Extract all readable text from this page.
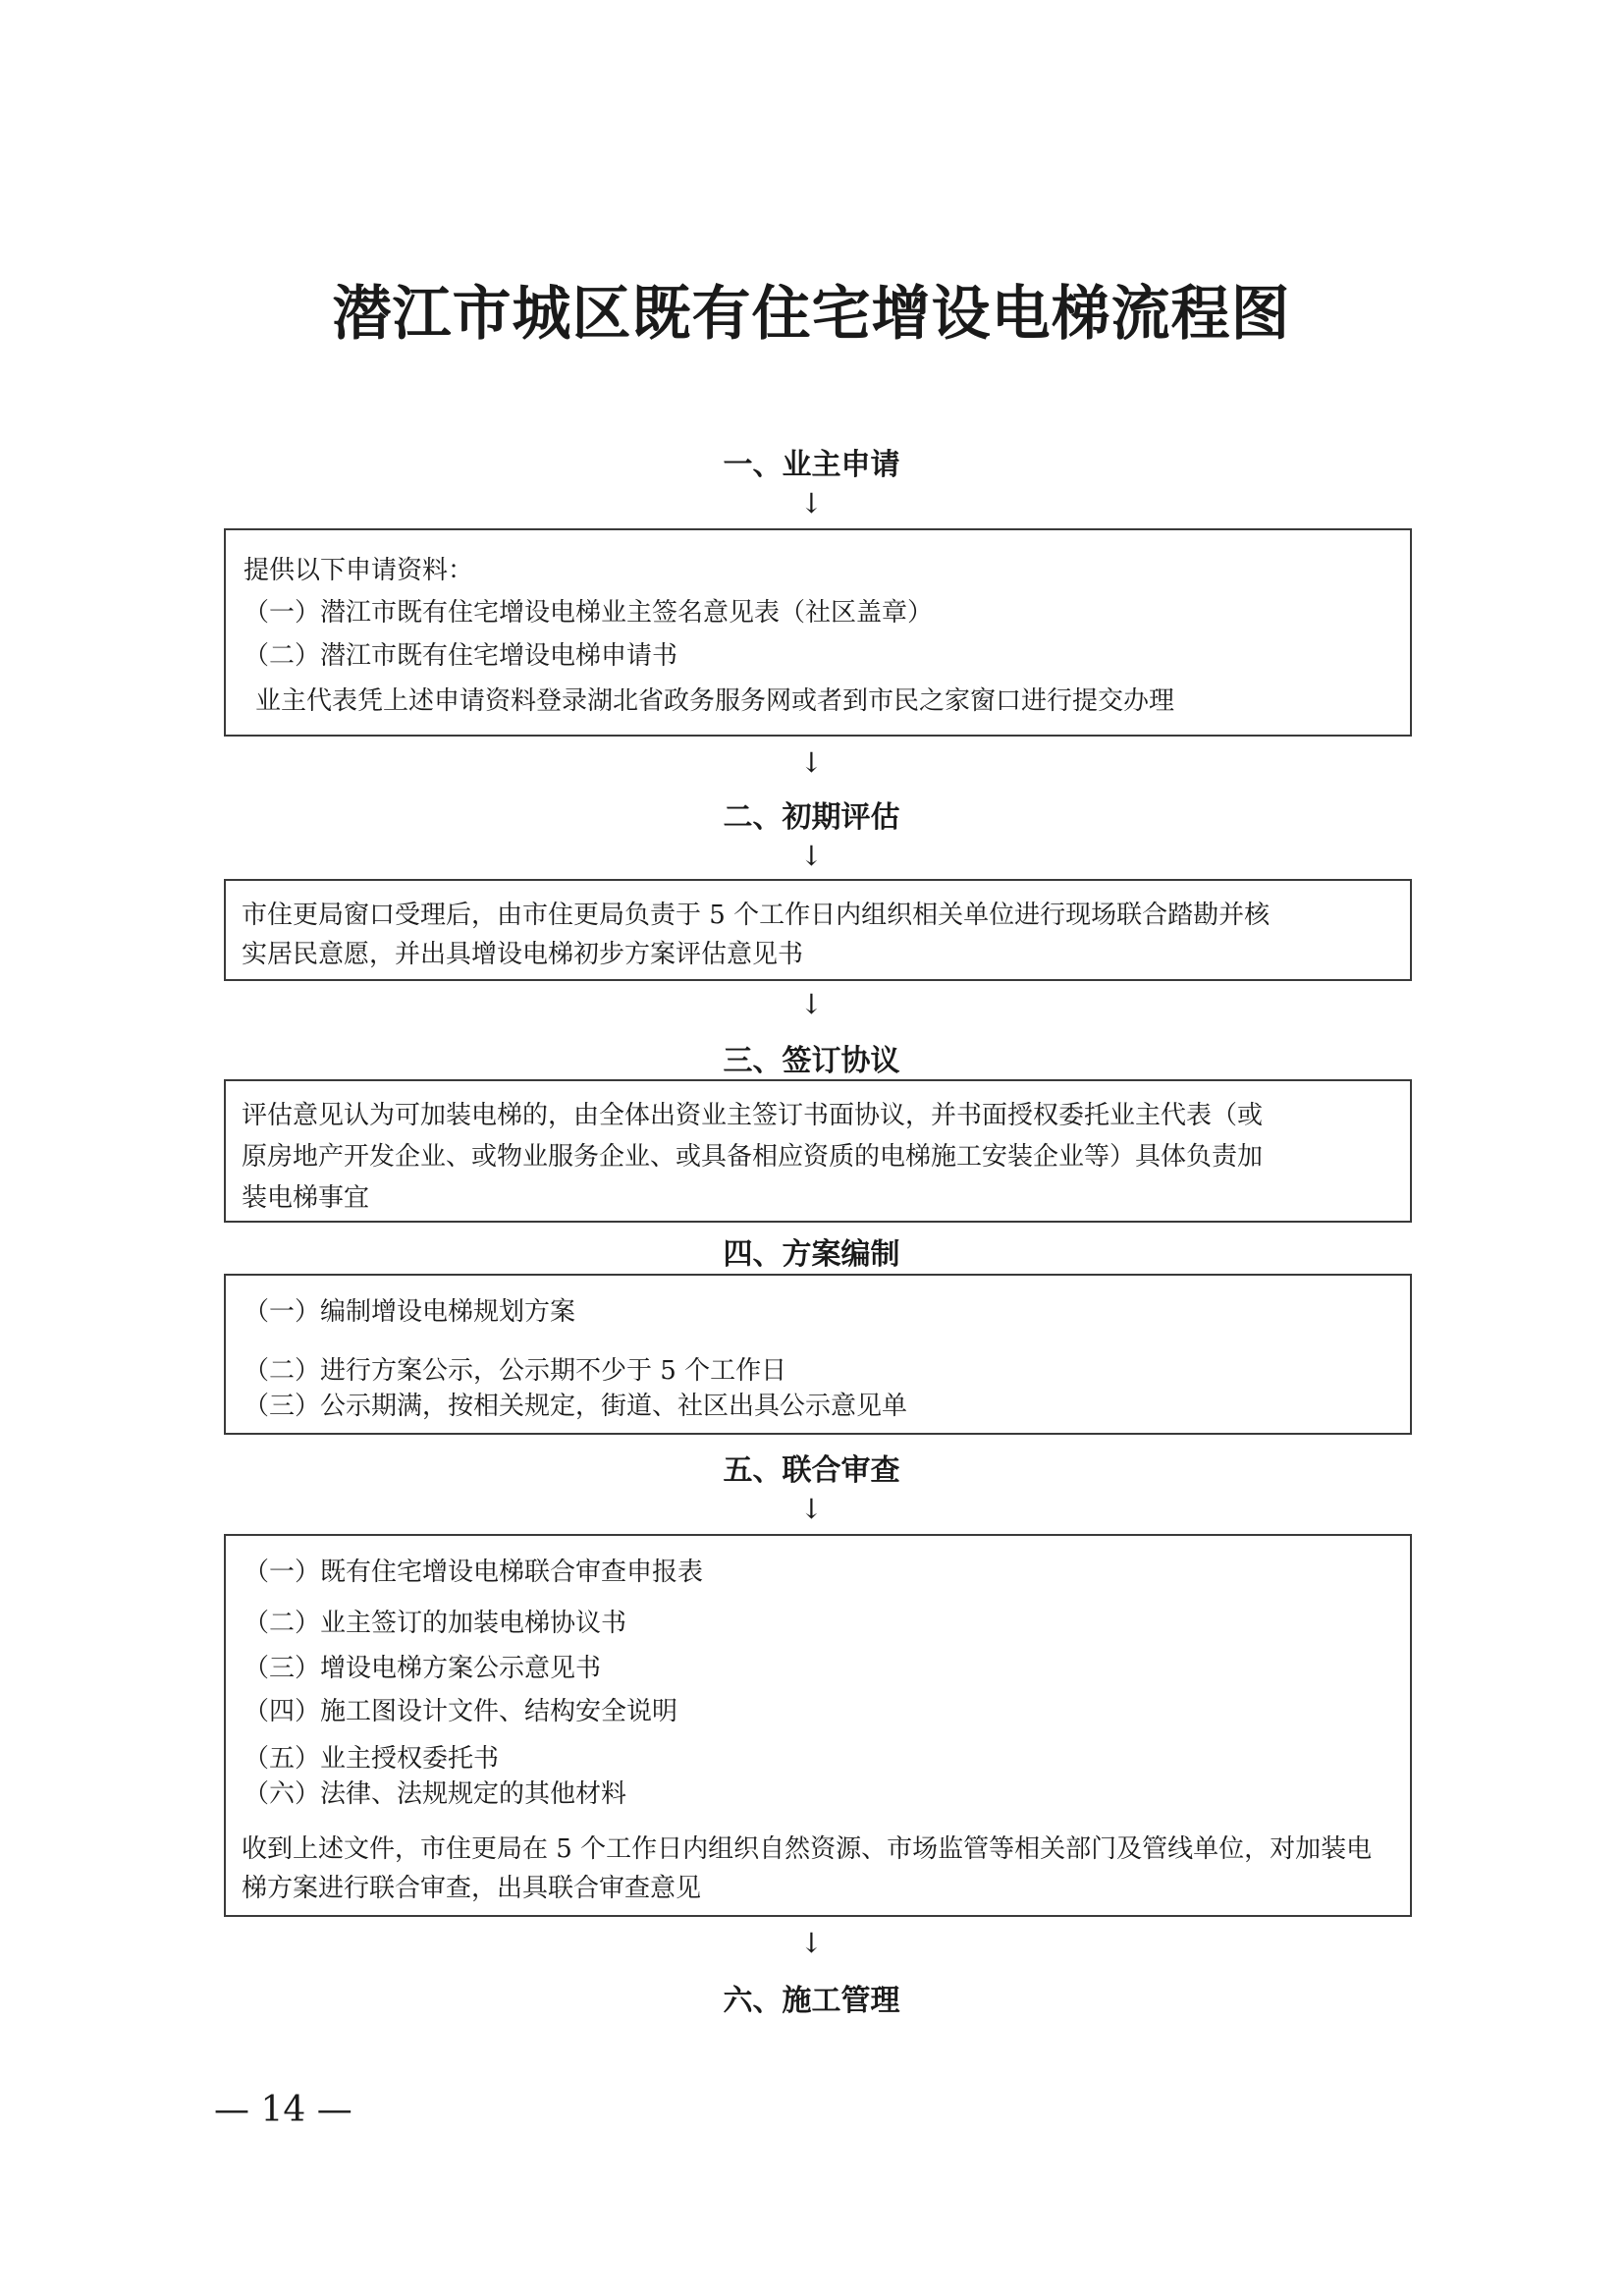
潜江市城区既有住宅增设电梯流程图
一、业主申请
↓
提供以下申请资料：
（一）潜江市既有住宅增设电梯业主签名意见表（社区盖章）
（二）潜江市既有住宅增设电梯申请书
业主代表凭上述申请资料登录湖北省政务服务网或者到市民之家窗口进行提交办理
↓
二、初期评估
↓
市住更局窗口受理后，由市住更局负责于 5 个工作日内组织相关单位进行现场联合踏勘并核
实居民意愿，并出具增设电梯初步方案评估意见书
↓
三、签订协议
评估意见认为可加装电梯的，由全体出资业主签订书面协议，并书面授权委托业主代表（或
原房地产开发企业、或物业服务企业、或具备相应资质的电梯施工安装企业等）具体负责加
装电梯事宜
四、方案编制
（一）编制增设电梯规划方案
（二）进行方案公示，公示期不少于 5 个工作日
（三）公示期满，按相关规定，街道、社区出具公示意见单
五、联合审查
↓
（一）既有住宅增设电梯联合审查申报表
（二）业主签订的加装电梯协议书
（三）增设电梯方案公示意见书
（四）施工图设计文件、结构安全说明
（五）业主授权委托书
（六）法律、法规规定的其他材料
收到上述文件，市住更局在 5 个工作日内组织自然资源、市场监管等相关部门及管线单位，对加装电
梯方案进行联合审查，出具联合审查意见
↓
六、施工管理
— 14 —
